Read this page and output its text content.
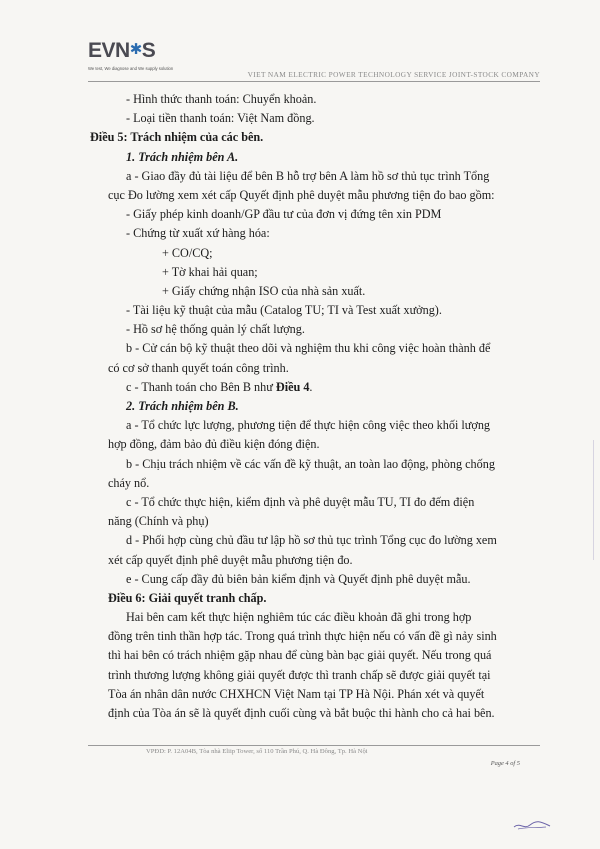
EVN✱S
We test, We diagnose and We supply solution
VIET NAM ELECTRIC POWER TECHNOLOGY SERVICE JOINT-STOCK COMPANY
- Hình thức thanh toán: Chuyển khoản.
- Loại tiền thanh toán: Việt Nam đồng.
Điều 5: Trách nhiệm của các bên.
1. Trách nhiệm bên A.
a - Giao đầy đủ tài liệu để bên B hỗ trợ bên A làm hồ sơ thủ tục trình Tổng
cục Đo lường xem xét cấp Quyết định phê duyệt mẫu phương tiện đo bao gồm:
- Giấy phép kinh doanh/GP đầu tư của đơn vị đứng tên xin PDM
- Chứng từ xuất xứ hàng hóa:
+ CO/CQ;
+ Tờ khai hải quan;
+ Giấy chứng nhận ISO của nhà sản xuất.
- Tài liệu kỹ thuật của mẫu (Catalog TU; TI và Test xuất xưởng).
- Hồ sơ hệ thống quản lý chất lượng.
b - Cử cán bộ kỹ thuật theo dõi và nghiệm thu khi công việc hoàn thành để
có cơ sở thanh quyết toán công trình.
c - Thanh toán cho Bên B như Điều 4.
2. Trách nhiệm bên B.
a - Tổ chức lực lượng, phương tiện để thực hiện công việc theo khối lượng
hợp đồng, đảm bảo đủ điều kiện đóng điện.
b - Chịu trách nhiệm về các vấn đề kỹ thuật, an toàn lao động, phòng chống
cháy nổ.
c - Tổ chức thực hiện, kiểm định và phê duyệt mẫu TU, TI đo đếm điện
năng (Chính và phụ)
d - Phối hợp cùng chủ đầu tư lập hồ sơ thủ tục trình Tổng cục đo lường xem
xét cấp quyết định phê duyệt mẫu phương tiện đo.
e - Cung cấp đầy đủ biên bản kiểm định và Quyết định phê duyệt mẫu.
Điều 6: Giải quyết tranh chấp.
Hai bên cam kết thực hiện nghiêm túc các điều khoản đã ghi trong hợp
đồng trên tinh thần hợp tác. Trong quá trình thực hiện nếu có vấn đề gì nảy sinh
thì hai bên có trách nhiệm gặp nhau để cùng bàn bạc giải quyết. Nếu trong quá
trình thương lượng không giải quyết được thì tranh chấp sẽ được giải quyết tại
Tòa án nhân dân nước CHXHCN Việt Nam tại TP Hà Nội. Phán xét và quyết
định của Tòa án sẽ là quyết định cuối cùng và bắt buộc thi hành cho cả hai bên.
VPĐD: P. 12A04B, Tòa nhà Eliip Tower, số 110 Trần Phú, Q. Hà Đông, Tp. Hà Nội
Page 4 of 5
